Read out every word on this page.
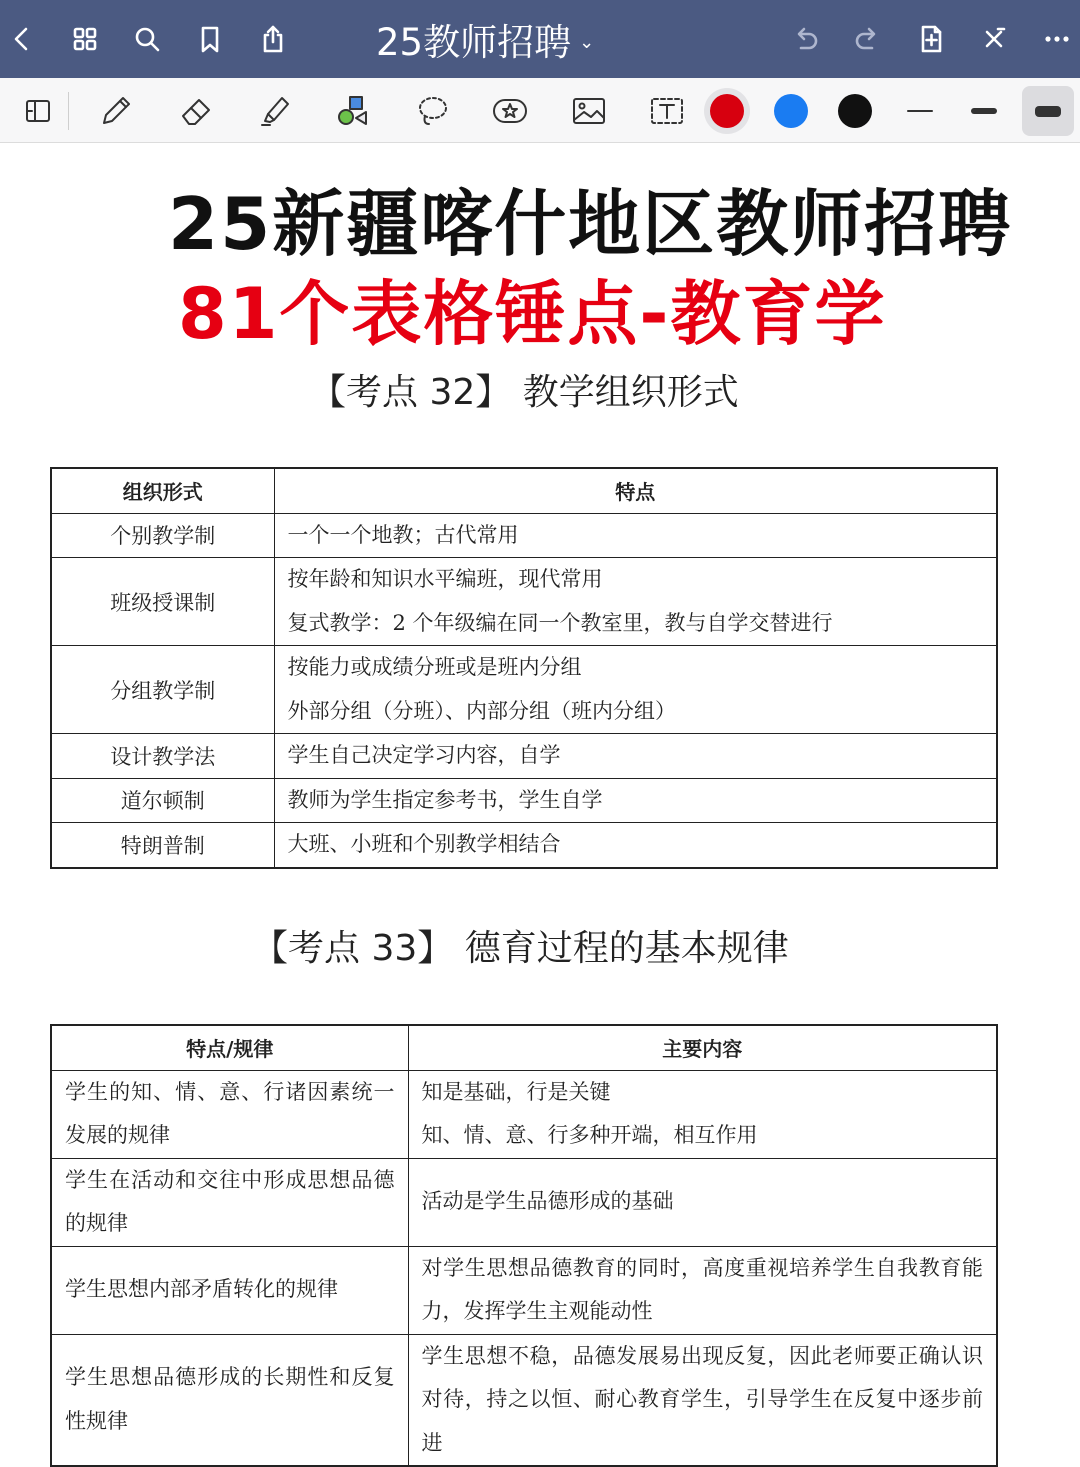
25教师招聘 ⌄
25新疆喀什地区教师招聘
81个表格锤点-教育学
【考点 32】 教学组织形式
组织形式	特点
个别教学制	一个一个地教；古代常用

班级授课制	按年龄和知识水平编班，现代常用
复式教学：2 个年级编在同一个教室里，教与自学交替进行

分组教学制	按能力或成绩分班或是班内分组
外部分组（分班）、内部分组（班内分组）

设计教学法	学生自己决定学习内容，自学

道尔顿制	教师为学生指定参考书，学生自学

特朗普制	大班、小班和个别教学相结合
【考点 33】 德育过程的基本规律
特点/规律	主要内容

学生的知、情、意、行诸因素统一发展的规律	知是基础，行是关键
知、情、意、行多种开端，相互作用

学生在活动和交往中形成思想品德的规律	活动是学生品德形成的基础

学生思想内部矛盾转化的规律	对学生思想品德教育的同时，高度重视培养学生自我教育能力，发挥学生主观能动性

学生思想品德形成的长期性和反复性规律	学生思想不稳，品德发展易出现反复，因此老师要正确认识对待，持之以恒、耐心教育学生，引导学生在反复中逐步前进
